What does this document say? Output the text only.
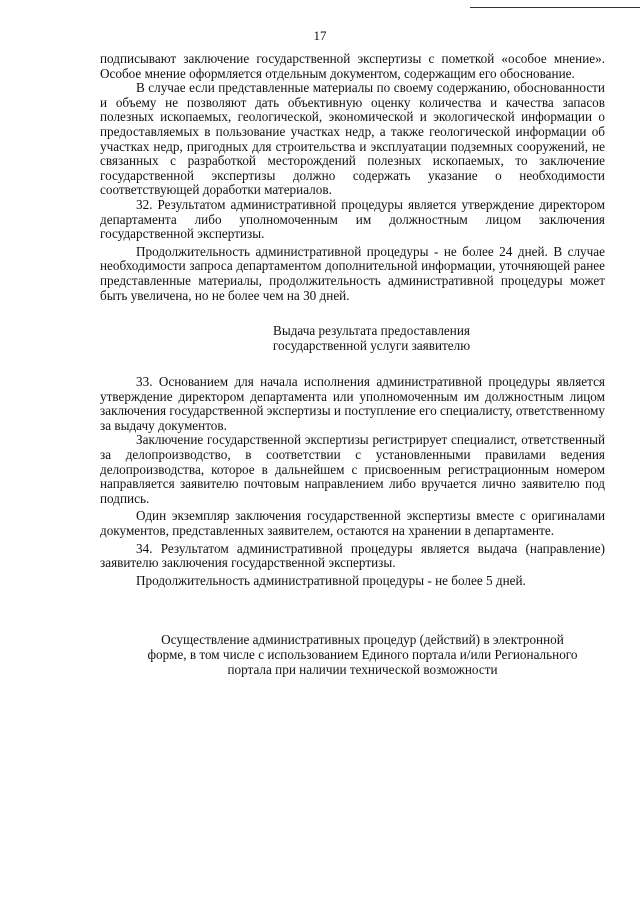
17

подписывают заключение государственной экспертизы с пометкой «особое мнение». Особое мнение оформляется отдельным документом, содержащим его обоснование.

В случае если представленные материалы по своему содержанию, обоснованности и объему не позволяют дать объективную оценку количества и качества запасов полезных ископаемых, геологической, экономической и экологической информации о предоставляемых в пользование участках недр, а также геологической информации об участках недр, пригодных для строительства и эксплуатации подземных сооружений, не связанных с разработкой месторождений полезных ископаемых, то заключение государственной экспертизы должно содержать указание о необходимости соответствующей доработки материалов.

32. Результатом административной процедуры является утверждение директором департамента либо уполномоченным им должностным лицом заключения государственной экспертизы.

Продолжительность административной процедуры - не более 24 дней. В случае необходимости запроса департаментом дополнительной информации, уточняющей ранее представленные материалы, продолжительность административной процедуры может быть увеличена, но не более чем на 30 дней.

Выдача результата предоставления

государственной услуги заявителю

33. Основанием для начала исполнения административной процедуры является утверждение директором департамента или уполномоченным им должностным лицом заключения государственной экспертизы и поступление его специалисту, ответственному за выдачу документов.

Заключение государственной экспертизы регистрирует специалист, ответственный за делопроизводство, в соответствии с установленными правилами ведения делопроизводства, которое в дальнейшем с присвоенным регистрационным номером направляется заявителю почтовым направлением либо вручается лично заявителю под подпись.

Один экземпляр заключения государственной экспертизы вместе с оригиналами документов, представленных заявителем, остаются на хранении в департаменте.

34. Результатом административной процедуры является выдача (направление) заявителю заключения государственной экспертизы.

Продолжительность административной процедуры - не более 5 дней.

Осуществление административных процедур (действий) в электронной

форме, в том числе с использованием Единого портала и/или Регионального

портала при наличии технической возможности
